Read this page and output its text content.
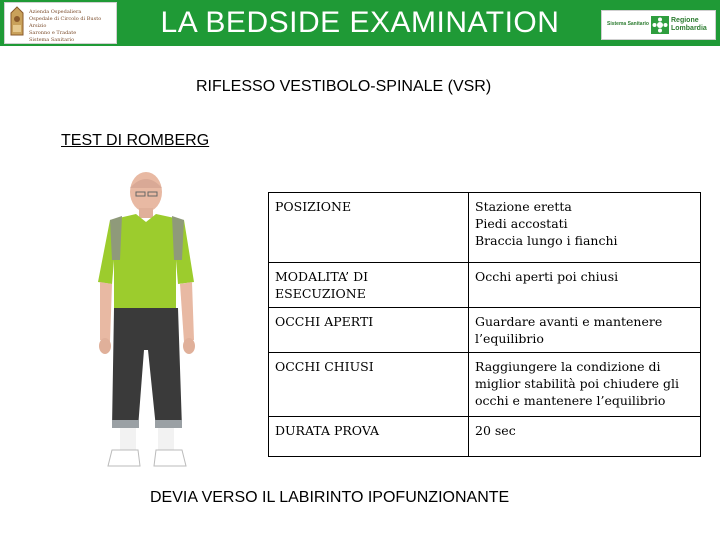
Azienda Ospedaliera
Ospedale di Circolo di Busto Arsizio
Saronno e Tradate
Sistema Sanitario
LA BEDSIDE EXAMINATION	Sistema Sanitario	Regione
Lombardia
RIFLESSO VESTIBOLO-SPINALE (VSR)
TEST DI ROMBERG
POSIZIONE	Stazione eretta
Piedi accostati
Braccia lungo i fianchi

MODALITA’ DI ESECUZIONE	Occhi aperti poi chiusi

OCCHI APERTI	Guardare avanti e mantenere l’equilibrio

OCCHI CHIUSI	Raggiungere la condizione di miglior stabilità poi chiudere gli occhi e mantenere l’equilibrio

DURATA PROVA	20 sec
DEVIA VERSO IL LABIRINTO IPOFUNZIONANTE
